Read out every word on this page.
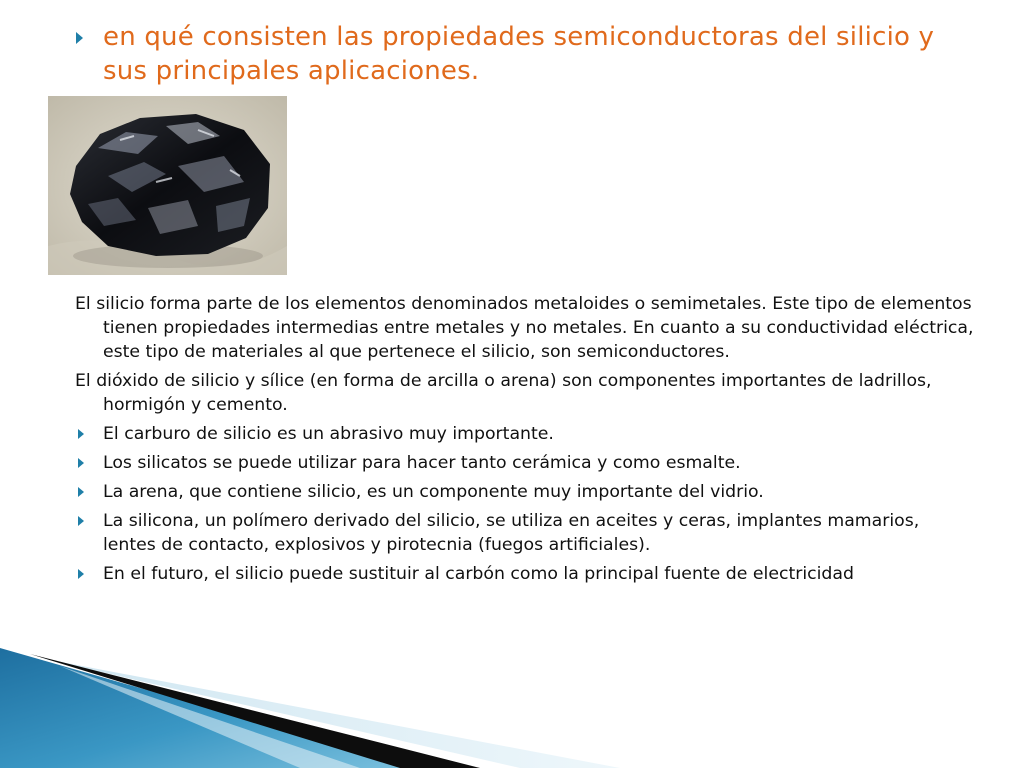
en qué consisten las propiedades semiconductoras del silicio y sus principales aplicaciones.

El silicio forma parte de los elementos denominados metaloides o semimetales. Este tipo de elementos tienen propiedades intermedias entre metales y no metales. En cuanto a su conductividad eléctrica, este tipo de materiales al que pertenece el silicio, son semiconductores.

El dióxido de silicio y sílice (en forma de arcilla o arena) son componentes importantes de ladrillos, hormigón y cemento.

El carburo de silicio es un abrasivo muy importante.
Los silicatos se puede utilizar para hacer tanto cerámica y como esmalte.
La arena, que contiene silicio, es un componente muy importante del vidrio.
La silicona, un polímero derivado del silicio, se utiliza en aceites y ceras, implantes mamarios, lentes de contacto, explosivos y pirotecnia (fuegos artificiales).
En el futuro, el silicio puede sustituir al carbón como la principal fuente de electricidad
